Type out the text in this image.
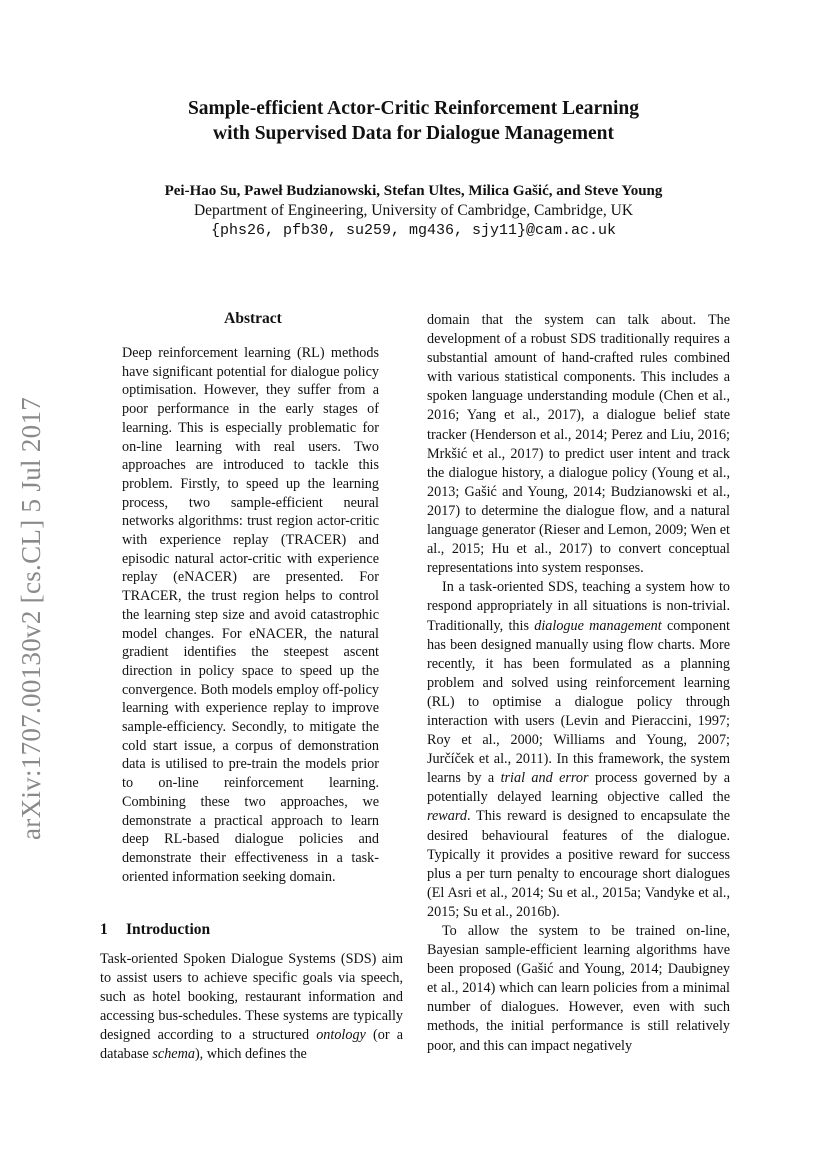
Sample-efficient Actor-Critic Reinforcement Learning
with Supervised Data for Dialogue Management
Pei-Hao Su, Paweł Budzianowski, Stefan Ultes, Milica Gašić, and Steve Young
Department of Engineering, University of Cambridge, Cambridge, UK
{phs26, pfb30, su259, mg436, sjy11}@cam.ac.uk
arXiv:1707.00130v2 [cs.CL] 5 Jul 2017
Abstract

Deep reinforcement learning (RL) methods have significant potential for dialogue policy optimisation. However, they suffer from a poor performance in the early stages of learning. This is especially problematic for on-line learning with real users. Two approaches are introduced to tackle this problem. Firstly, to speed up the learning process, two sample-efficient neural networks algorithms: trust region actor-critic with experience replay (TRACER) and episodic natural actor-critic with experience replay (eNACER) are presented. For TRACER, the trust region helps to control the learning step size and avoid catastrophic model changes. For eNACER, the natural gradient identifies the steepest ascent direction in policy space to speed up the convergence. Both models employ off-policy learning with experience replay to improve sample-efficiency. Secondly, to mitigate the cold start issue, a corpus of demonstration data is utilised to pre-train the models prior to on-line reinforcement learning. Combining these two approaches, we demonstrate a practical approach to learn deep RL-based dialogue policies and demonstrate their effectiveness in a task-oriented information seeking domain.

1 Introduction

Task-oriented Spoken Dialogue Systems (SDS) aim to assist users to achieve specific goals via speech, such as hotel booking, restaurant information and accessing bus-schedules. These systems are typically designed according to a structured ontology (or a database schema), which defines the

domain that the system can talk about. The development of a robust SDS traditionally requires a substantial amount of hand-crafted rules combined with various statistical components. This includes a spoken language understanding module (Chen et al., 2016; Yang et al., 2017), a dialogue belief state tracker (Henderson et al., 2014; Perez and Liu, 2016; Mrkšić et al., 2017) to predict user intent and track the dialogue history, a dialogue policy (Young et al., 2013; Gašić and Young, 2014; Budzianowski et al., 2017) to determine the dialogue flow, and a natural language generator (Rieser and Lemon, 2009; Wen et al., 2015; Hu et al., 2017) to convert conceptual representations into system responses.

In a task-oriented SDS, teaching a system how to respond appropriately in all situations is non-trivial. Traditionally, this dialogue management component has been designed manually using flow charts. More recently, it has been formulated as a planning problem and solved using reinforcement learning (RL) to optimise a dialogue policy through interaction with users (Levin and Pieraccini, 1997; Roy et al., 2000; Williams and Young, 2007; Jurčíček et al., 2011). In this framework, the system learns by a trial and error process governed by a potentially delayed learning objective called the reward. This reward is designed to encapsulate the desired behavioural features of the dialogue. Typically it provides a positive reward for success plus a per turn penalty to encourage short dialogues (El Asri et al., 2014; Su et al., 2015a; Vandyke et al., 2015; Su et al., 2016b).

To allow the system to be trained on-line, Bayesian sample-efficient learning algorithms have been proposed (Gašić and Young, 2014; Daubigney et al., 2014) which can learn policies from a minimal number of dialogues. However, even with such methods, the initial performance is still relatively poor, and this can impact negatively
